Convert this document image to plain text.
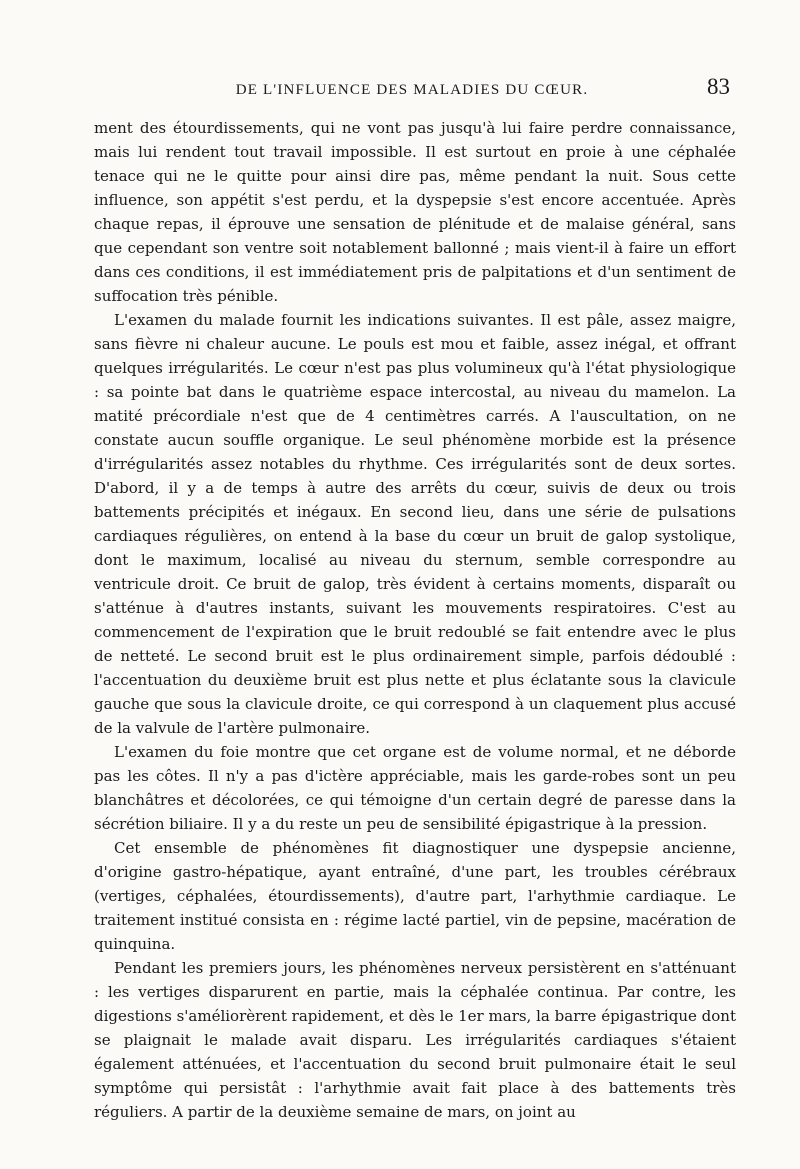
DE L'INFLUENCE DES MALADIES DU CŒUR.	83

ment des étourdissements, qui ne vont pas jusqu'à lui faire perdre connaissance, mais lui rendent tout travail impossible. Il est surtout en proie à une céphalée tenace qui ne le quitte pour ainsi dire pas, même pendant la nuit. Sous cette influence, son appétit s'est perdu, et la dyspepsie s'est encore accentuée. Après chaque repas, il éprouve une sensation de plénitude et de malaise général, sans que cependant son ventre soit notablement ballonné ; mais vient-il à faire un effort dans ces conditions, il est immédiatement pris de palpitations et d'un sentiment de suffocation très pénible.

L'examen du malade fournit les indications suivantes. Il est pâle, assez maigre, sans fièvre ni chaleur aucune. Le pouls est mou et faible, assez inégal, et offrant quelques irrégularités. Le cœur n'est pas plus volumineux qu'à l'état physiologique : sa pointe bat dans le quatrième espace intercostal, au niveau du mamelon. La matité précordiale n'est que de 4 centimètres carrés. A l'auscultation, on ne constate aucun souffle organique. Le seul phénomène morbide est la présence d'irrégularités assez notables du rhythme. Ces irrégularités sont de deux sortes. D'abord, il y a de temps à autre des arrêts du cœur, suivis de deux ou trois battements précipités et inégaux. En second lieu, dans une série de pulsations cardiaques régulières, on entend à la base du cœur un bruit de galop systolique, dont le maximum, localisé au niveau du sternum, semble correspondre au ventricule droit. Ce bruit de galop, très évident à certains moments, disparaît ou s'atténue à d'autres instants, suivant les mouvements respiratoires. C'est au commencement de l'expiration que le bruit redoublé se fait entendre avec le plus de netteté. Le second bruit est le plus ordinairement simple, parfois dédoublé : l'accentuation du deuxième bruit est plus nette et plus éclatante sous la clavicule gauche que sous la clavicule droite, ce qui correspond à un claquement plus accusé de la valvule de l'artère pulmonaire.

L'examen du foie montre que cet organe est de volume normal, et ne déborde pas les côtes. Il n'y a pas d'ictère appréciable, mais les garde-robes sont un peu blanchâtres et décolorées, ce qui témoigne d'un certain degré de paresse dans la sécrétion biliaire. Il y a du reste un peu de sensibilité épigastrique à la pression.

Cet ensemble de phénomènes fit diagnostiquer une dyspepsie ancienne, d'origine gastro-hépatique, ayant entraîné, d'une part, les troubles cérébraux (vertiges, céphalées, étourdissements), d'autre part, l'arhythmie cardiaque. Le traitement institué consista en : régime lacté partiel, vin de pepsine, macération de quinquina.

Pendant les premiers jours, les phénomènes nerveux persistèrent en s'atténuant : les vertiges disparurent en partie, mais la céphalée continua. Par contre, les digestions s'améliorèrent rapidement, et dès le 1er mars, la barre épigastrique dont se plaignait le malade avait disparu. Les irrégularités cardiaques s'étaient également atténuées, et l'accentuation du second bruit pulmonaire était le seul symptôme qui persistât : l'arhythmie avait fait place à des battements très réguliers. A partir de la deuxième semaine de mars, on joint au
